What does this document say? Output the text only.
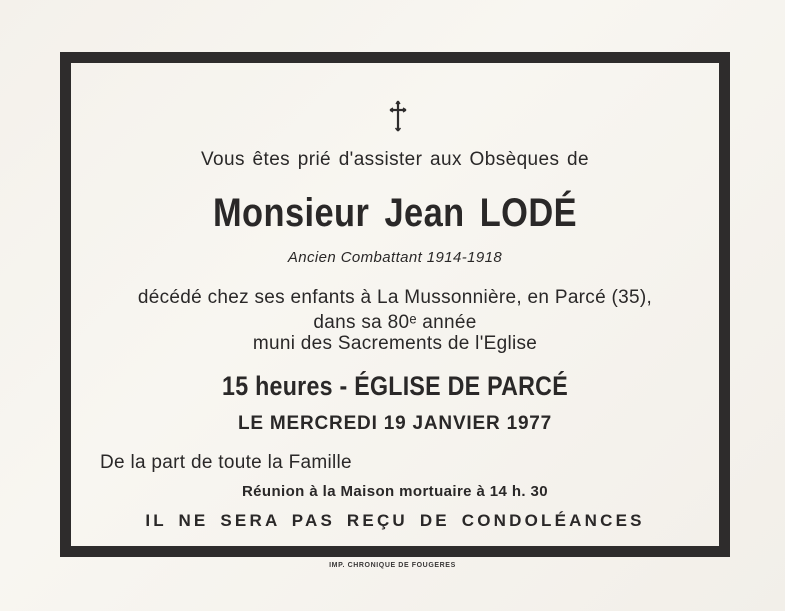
Vous êtes prié d'assister aux Obsèques de
Monsieur Jean LODÉ
Ancien Combattant 1914-1918
décédé chez ses enfants à La Mussonnière, en Parcé (35),
dans sa 80ᵉ année
muni des Sacrements de l'Eglise
15 heures - ÉGLISE DE PARCÉ
LE MERCREDI 19 JANVIER 1977
De la part de toute la Famille
Réunion à la Maison mortuaire à 14 h. 30
IL NE SERA PAS REÇU DE CONDOLÉANCES
IMP. CHRONIQUE DE FOUGERES
